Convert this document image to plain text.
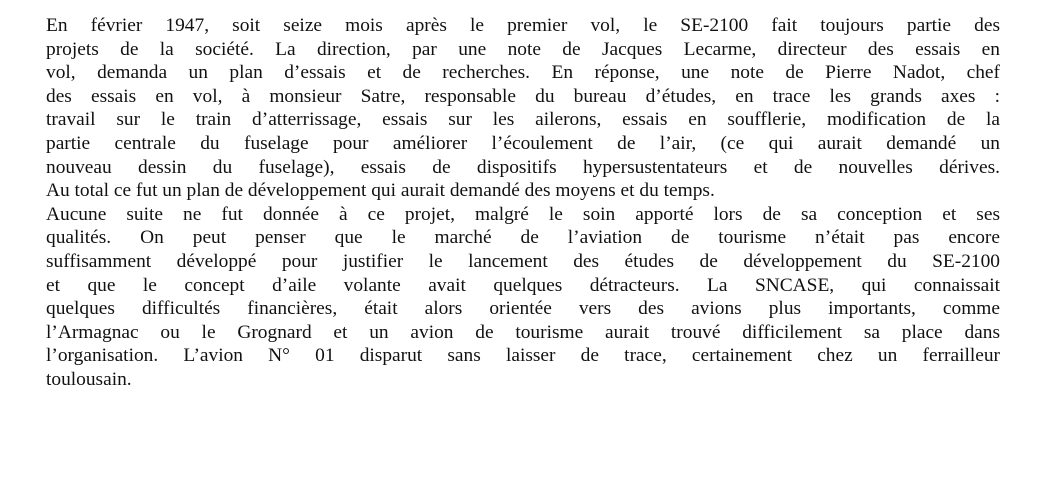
En février 1947, soit seize mois après le premier vol, le SE-2100 fait toujours partie des
projets de la société. La direction, par une note de Jacques Lecarme, directeur des essais en
vol, demanda un plan d’essais et de recherches. En réponse, une note de Pierre Nadot, chef
des essais en vol, à monsieur Satre, responsable du bureau d’études, en trace les grands axes :
travail sur le train d’atterrissage, essais sur les ailerons, essais en soufflerie, modification de la
partie centrale du fuselage pour améliorer l’écoulement de l’air, (ce qui aurait demandé un
nouveau dessin du fuselage), essais de dispositifs hypersustentateurs et de nouvelles dérives.
Au total ce fut un plan de développement qui aurait demandé des moyens et du temps.
Aucune suite ne fut donnée à ce projet, malgré le soin apporté lors de sa conception et ses
qualités. On peut penser que le marché de l’aviation de tourisme n’était pas encore
suffisamment développé pour justifier le lancement des études de développement du SE-2100
et que le concept d’aile volante avait quelques détracteurs. La SNCASE, qui connaissait
quelques difficultés financières, était alors orientée vers des avions plus importants, comme
l’Armagnac ou le Grognard et un avion de tourisme aurait trouvé difficilement sa place dans
l’organisation. L’avion N° 01 disparut sans laisser de trace, certainement chez un ferrailleur
toulousain.
